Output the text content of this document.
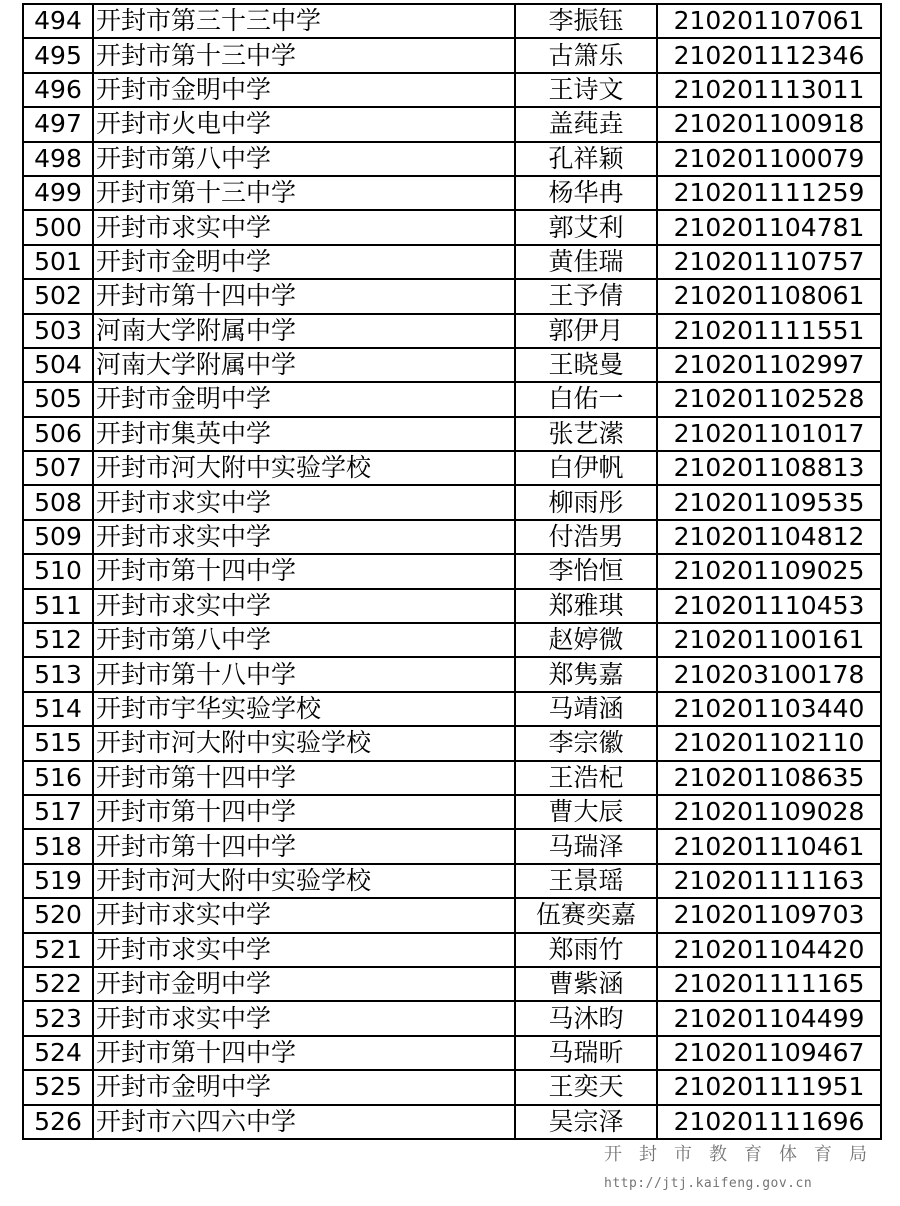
494	开封市第三十三中学	李振钰	210201107061
495	开封市第十三中学	古箫乐	210201112346
496	开封市金明中学	王诗文	210201113011
497	开封市火电中学	盖莼垚	210201100918
498	开封市第八中学	孔祥颖	210201100079
499	开封市第十三中学	杨华冉	210201111259
500	开封市求实中学	郭艾利	210201104781
501	开封市金明中学	黄佳瑞	210201110757
502	开封市第十四中学	王予倩	210201108061
503	河南大学附属中学	郭伊月	210201111551
504	河南大学附属中学	王晓曼	210201102997
505	开封市金明中学	白佑一	210201102528
506	开封市集英中学	张艺潆	210201101017
507	开封市河大附中实验学校	白伊帆	210201108813
508	开封市求实中学	柳雨彤	210201109535
509	开封市求实中学	付浩男	210201104812
510	开封市第十四中学	李怡恒	210201109025
511	开封市求实中学	郑雅琪	210201110453
512	开封市第八中学	赵婷微	210201100161
513	开封市第十八中学	郑隽嘉	210203100178
514	开封市宇华实验学校	马靖涵	210201103440
515	开封市河大附中实验学校	李宗徽	210201102110
516	开封市第十四中学	王浩杞	210201108635
517	开封市第十四中学	曹大辰	210201109028
518	开封市第十四中学	马瑞泽	210201110461
519	开封市河大附中实验学校	王景瑶	210201111163
520	开封市求实中学	伍赛奕嘉	210201109703
521	开封市求实中学	郑雨竹	210201104420
522	开封市金明中学	曹紫涵	210201111165
523	开封市求实中学	马沐昀	210201104499
524	开封市第十四中学	马瑞昕	210201109467
525	开封市金明中学	王奕天	210201111951
526	开封市六四六中学	吴宗泽	210201111696
开封市教育体育局
http://jtj.kaifeng.gov.cn
